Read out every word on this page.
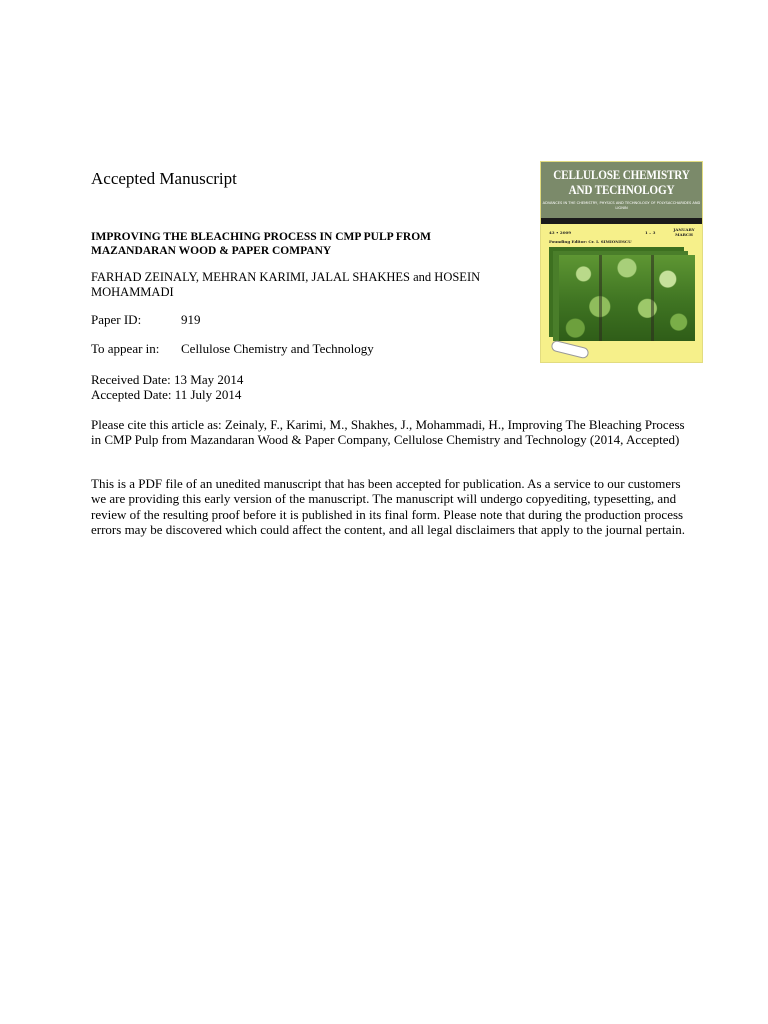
Accepted Manuscript

IMPROVING THE BLEACHING PROCESS IN CMP PULP FROM MAZANDARAN WOOD & PAPER COMPANY

FARHAD ZEINALY, MEHRAN KARIMI, JALAL SHAKHES and HOSEIN MOHAMMADI

Paper ID:	919
To appear in: Cellulose Chemistry and Technology
Received Date: 13 May 2014
Accepted Date: 11 July 2014

Please cite this article as: Zeinaly, F., Karimi, M., Shakhes, J., Mohammadi, H., Improving The Bleaching Process in CMP Pulp from Mazandaran Wood & Paper Company, Cellulose Chemistry and Technology (2014, Accepted)

This is a PDF file of an unedited manuscript that has been accepted for publication. As a service to our customers we are providing this early version of the manuscript. The manuscript will undergo copyediting, typesetting, and review of the resulting proof before it is published in its final form. Please note that during the production process errors may be discovered which could affect the content, and all legal disclaimers that apply to the journal pertain.

CELLULOSE CHEMISTRY AND TECHNOLOGY
ADVANCES IN THE CHEMISTRY, PHYSICS AND TECHNOLOGY OF POLYSACCHARIDES AND LIGNIN
43 • 2009	1 – 3
JANUARY MARCH
Founding Editor: Cr. I. SIMIONESCU
